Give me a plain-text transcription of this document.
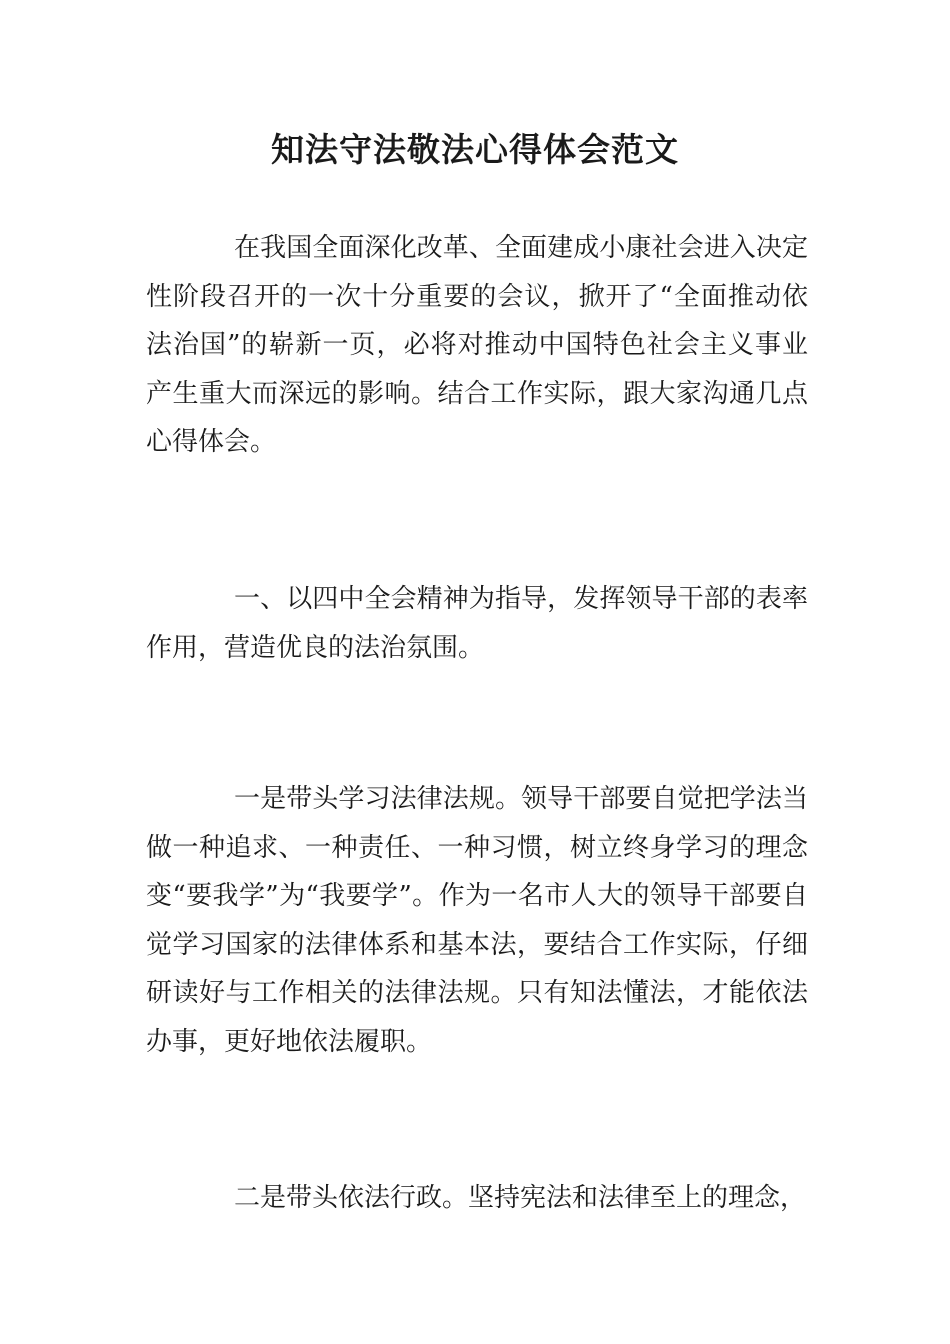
知法守法敬法心得体会范文

在我国全面深化改革、全面建成小康社会进入决定性阶段召开的一次十分重要的会议，掀开了“全面推动依法治国”的崭新一页，必将对推动中国特色社会主义事业产生重大而深远的影响。结合工作实际，跟大家沟通几点心得体会。

一、以四中全会精神为指导，发挥领导干部的表率作用，营造优良的法治氛围。

一是带头学习法律法规。领导干部要自觉把学法当做一种追求、一种责任、一种习惯，树立终身学习的理念变“要我学”为“我要学”。作为一名市人大的领导干部要自觉学习国家的法律体系和基本法，要结合工作实际，仔细研读好与工作相关的法律法规。只有知法懂法，才能依法办事，更好地依法履职。

二是带头依法行政。坚持宪法和法律至上的理念，
